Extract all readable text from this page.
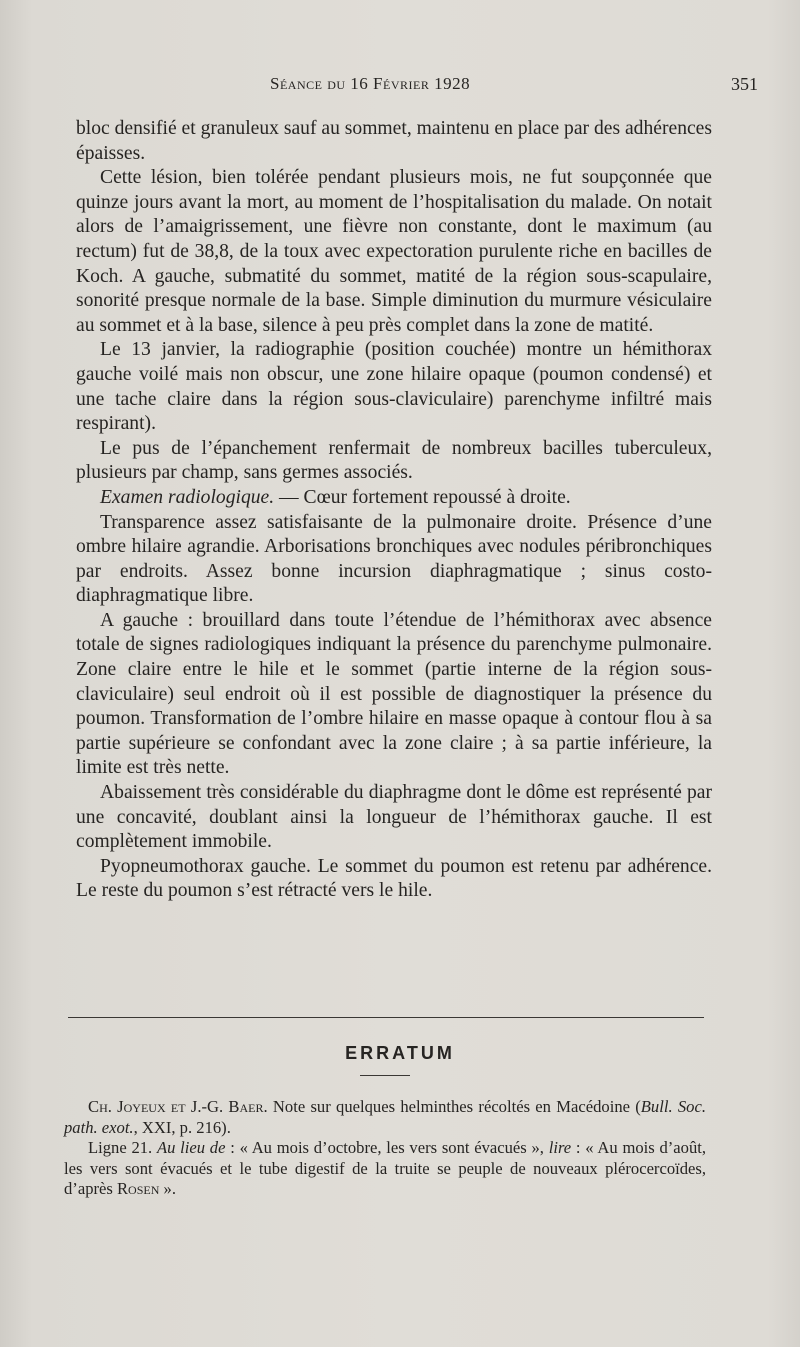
Séance du 16 Février 1928	351

bloc densifié et granuleux sauf au sommet, maintenu en place par des adhérences épaisses.

Cette lésion, bien tolérée pendant plusieurs mois, ne fut soupçonnée que quinze jours avant la mort, au moment de l’hospitalisation du malade. On notait alors de l’amaigrissement, une fièvre non constante, dont le maximum (au rectum) fut de 38,8, de la toux avec expectoration purulente riche en bacilles de Koch. A gauche, submatité du sommet, matité de la région sous-scapulaire, sonorité presque normale de la base. Simple diminution du murmure vésiculaire au sommet et à la base, silence à peu près complet dans la zone de matité.

Le 13 janvier, la radiographie (position couchée) montre un hémithorax gauche voilé mais non obscur, une zone hilaire opaque (poumon condensé) et une tache claire dans la région sous-claviculaire) parenchyme infiltré mais respirant).

Le pus de l’épanchement renfermait de nombreux bacilles tuberculeux, plusieurs par champ, sans germes associés.

Examen radiologique. — Cœur fortement repoussé à droite.

Transparence assez satisfaisante de la pulmonaire droite. Présence d’une ombre hilaire agrandie. Arborisations bronchiques avec nodules péribronchiques par endroits. Assez bonne incursion diaphragmatique ; sinus costo-diaphragmatique libre.

A gauche : brouillard dans toute l’étendue de l’hémithorax avec absence totale de signes radiologiques indiquant la présence du parenchyme pulmonaire. Zone claire entre le hile et le sommet (partie interne de la région sous-claviculaire) seul endroit où il est possible de diagnostiquer la présence du poumon. Transformation de l’ombre hilaire en masse opaque à contour flou à sa partie supérieure se confondant avec la zone claire ; à sa partie inférieure, la limite est très nette.

Abaissement très considérable du diaphragme dont le dôme est représenté par une concavité, doublant ainsi la longueur de l’hémithorax gauche. Il est complètement immobile.

Pyopneumothorax gauche. Le sommet du poumon est retenu par adhérence. Le reste du poumon s’est rétracté vers le hile.

ERRATUM

Ch. Joyeux et J.-G. Baer. Note sur quelques helminthes récoltés en Macédoine (Bull. Soc. path. exot., XXI, p. 216).

Ligne 21. Au lieu de : « Au mois d’octobre, les vers sont évacués », lire : « Au mois d’août, les vers sont évacués et le tube digestif de la truite se peuple de nouveaux plérocercoïdes, d’après Rosen ».
